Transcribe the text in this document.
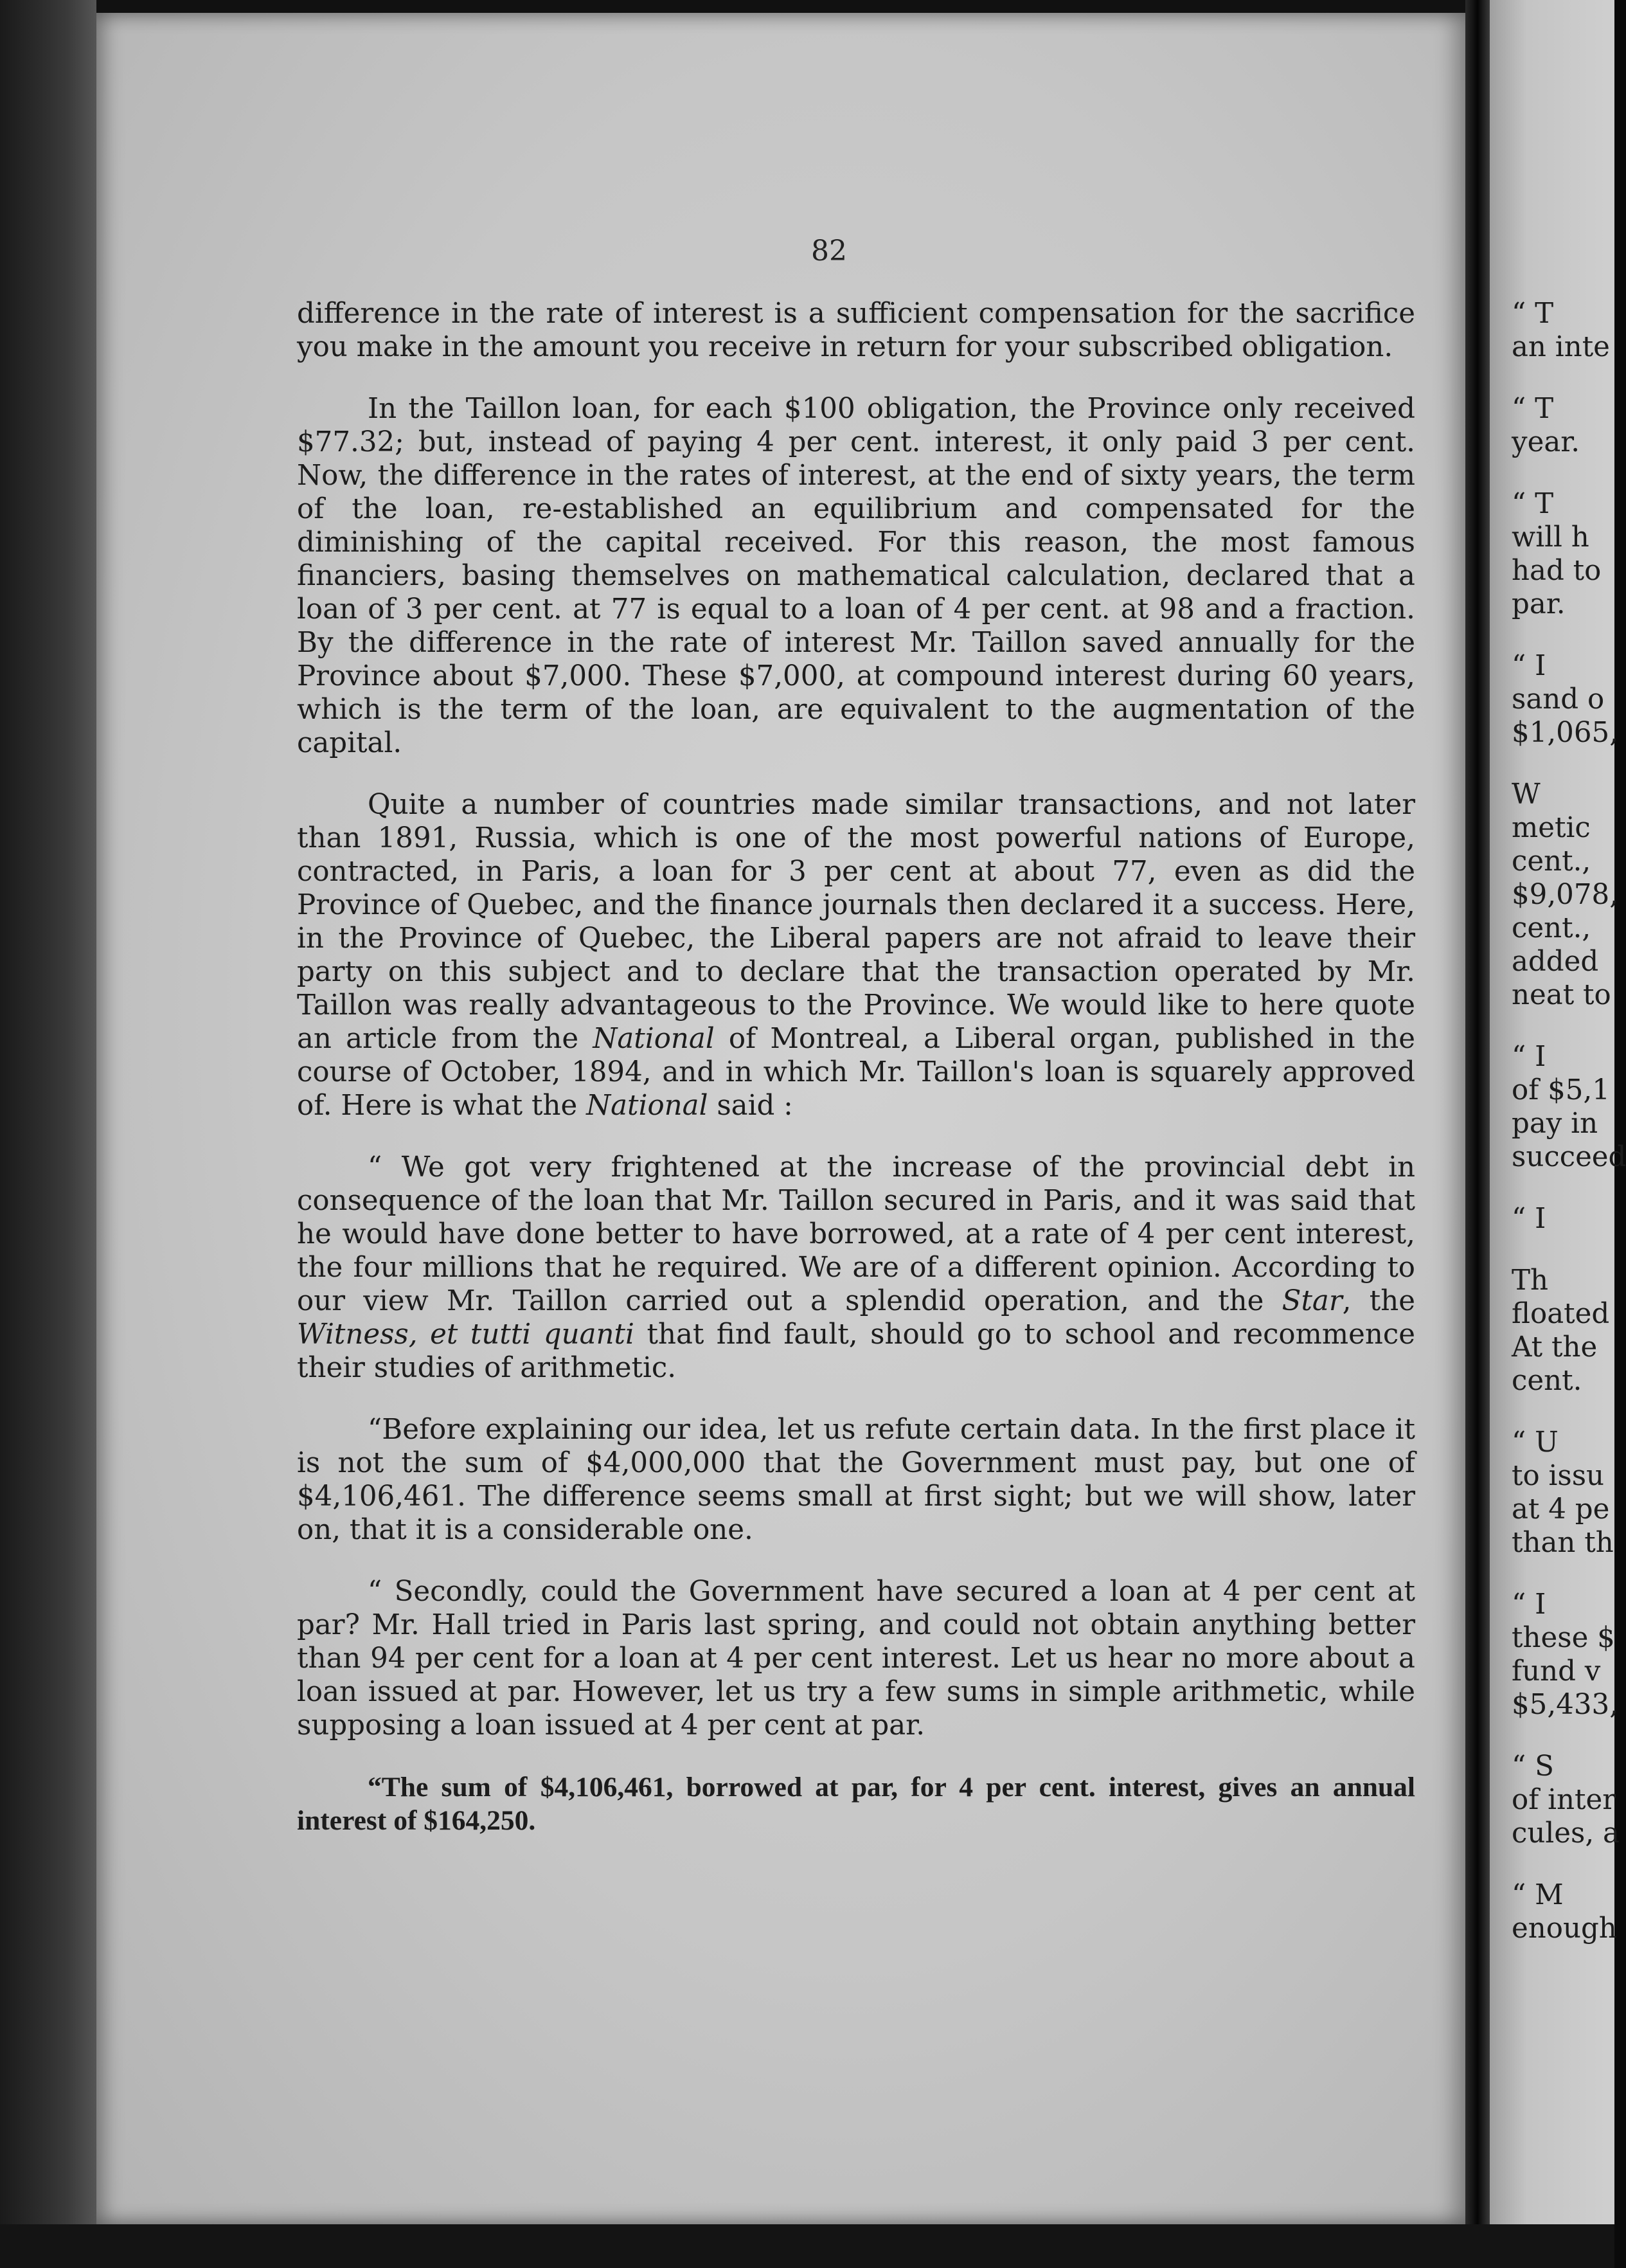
82

difference in the rate of interest is a sufficient compensation for the sacrifice you make in the amount you receive in return for your subscribed obligation.

In the Taillon loan, for each $100 obligation, the Province only received $77.32; but, instead of paying 4 per cent. interest, it only paid 3 per cent. Now, the difference in the rates of interest, at the end of sixty years, the term of the loan, re-established an equilibrium and compensated for the diminishing of the capital received. For this reason, the most famous financiers, basing themselves on mathematical calculation, declared that a loan of 3 per cent. at 77 is equal to a loan of 4 per cent. at 98 and a fraction. By the difference in the rate of interest Mr. Taillon saved annually for the Province about $7,000. These $7,000, at compound interest during 60 years, which is the term of the loan, are equivalent to the augmentation of the capital.

Quite a number of countries made similar transactions, and not later than 1891, Russia, which is one of the most powerful nations of Europe, contracted, in Paris, a loan for 3 per cent at about 77, even as did the Province of Quebec, and the finance journals then declared it a success. Here, in the Province of Quebec, the Liberal papers are not afraid to leave their party on this subject and to declare that the transaction operated by Mr. Taillon was really advantageous to the Province. We would like to here quote an article from the National of Montreal, a Liberal organ, published in the course of October, 1894, and in which Mr. Taillon's loan is squarely approved of. Here is what the National said :

“ We got very frightened at the increase of the provincial debt in consequence of the loan that Mr. Taillon secured in Paris, and it was said that he would have done better to have borrowed, at a rate of 4 per cent interest, the four millions that he required. We are of a different opinion. According to our view Mr. Taillon carried out a splendid operation, and the Star, the Witness, et tutti quanti that find fault, should go to school and recommence their studies of arithmetic.

“Before explaining our idea, let us refute certain data. In the first place it is not the sum of $4,000,000 that the Government must pay, but one of $4,106,461. The difference seems small at first sight; but we will show, later on, that it is a considerable one.

“ Secondly, could the Government have secured a loan at 4 per cent at par? Mr. Hall tried in Paris last spring, and could not obtain anything better than 94 per cent for a loan at 4 per cent interest. Let us hear no more about a loan issued at par. However, let us try a few sums in simple arithmetic, while supposing a loan issued at 4 per cent at par.

“The sum of $4,106,461, borrowed at par, for 4 per cent. interest, gives an annual interest of $164,250.

“ T
an inte
“ T
year.
“ T
will h
had to
par.
“ I
sand o
$1,065,
W
metic
cent.,
$9,078,
cent.,
added
neat to
“ I
of $5,1
pay in
succeed
“ I
Th
floated
At the
cent.
“ U
to issu
at 4 pe
than th
“ I
these $
fund v
$5,433,
“ S
of inter
cules, a
“ M
enough
